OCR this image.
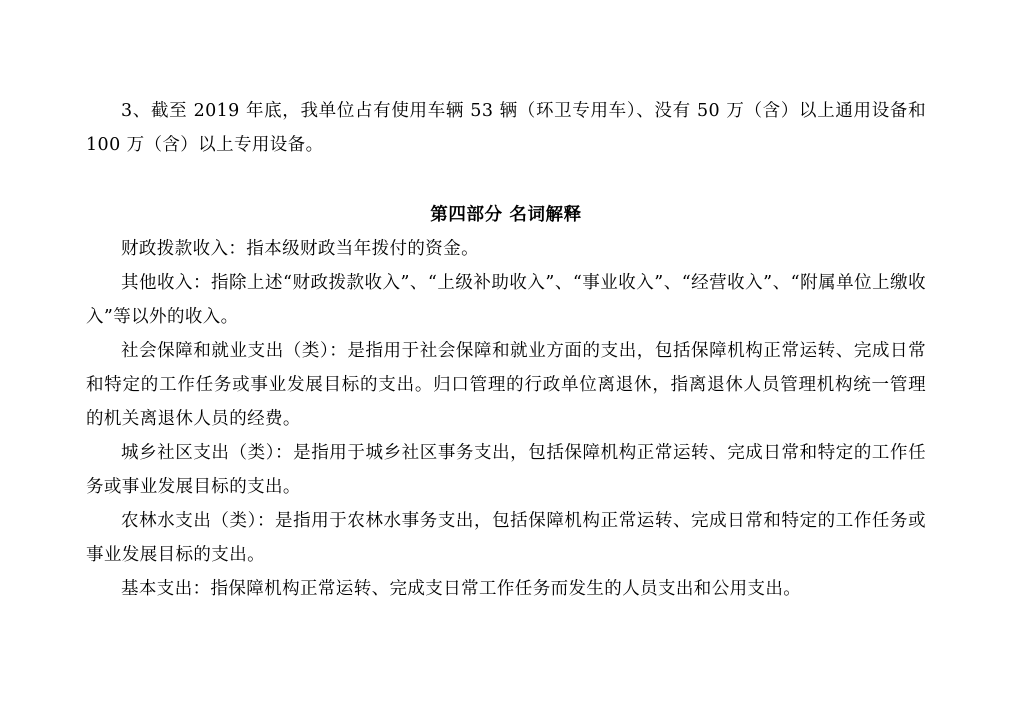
3、截至 2019 年底，我单位占有使用车辆 53 辆（环卫专用车）、没有 50 万（含）以上通用设备和 100 万（含）以上专用设备。

第四部分 名词解释

财政拨款收入：指本级财政当年拨付的资金。

其他收入：指除上述“财政拨款收入”、“上级补助收入”、“事业收入”、“经营收入”、“附属单位上缴收入”等以外的收入。

社会保障和就业支出（类）：是指用于社会保障和就业方面的支出，包括保障机构正常运转、完成日常和特定的工作任务或事业发展目标的支出。归口管理的行政单位离退休，指离退休人员管理机构统一管理的机关离退休人员的经费。

城乡社区支出（类）：是指用于城乡社区事务支出，包括保障机构正常运转、完成日常和特定的工作任务或事业发展目标的支出。

农林水支出（类）：是指用于农林水事务支出，包括保障机构正常运转、完成日常和特定的工作任务或事业发展目标的支出。

基本支出：指保障机构正常运转、完成支日常工作任务而发生的人员支出和公用支出。
